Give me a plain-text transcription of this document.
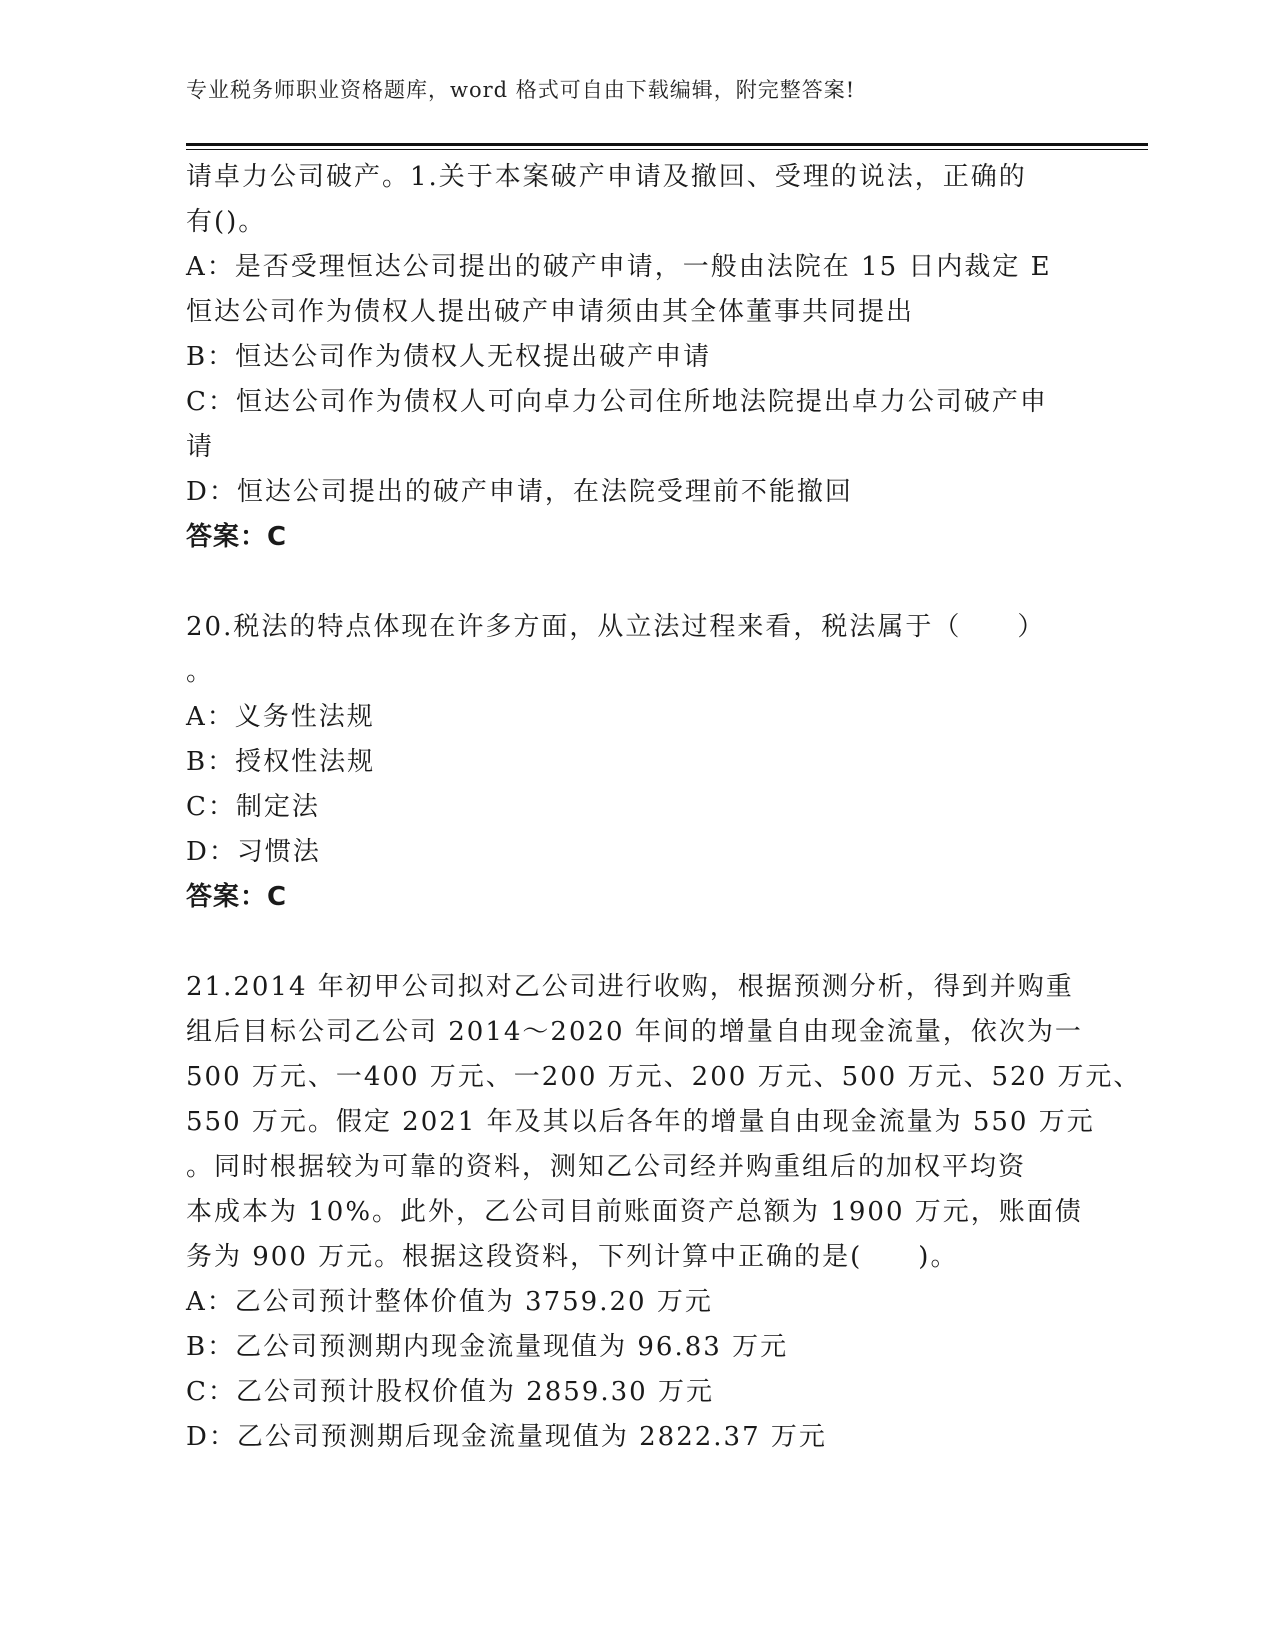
专业税务师职业资格题库，word 格式可自由下载编辑，附完整答案!
请卓力公司破产。1.关于本案破产申请及撤回、受理的说法，正确的
有()。
A：是否受理恒达公司提出的破产申请，一般由法院在 15 日内裁定 E
恒达公司作为债权人提出破产申请须由其全体董事共同提出
B：恒达公司作为债权人无权提出破产申请
C：恒达公司作为债权人可向卓力公司住所地法院提出卓力公司破产申
请
D：恒达公司提出的破产申请，在法院受理前不能撤回
答案：C
20.税法的特点体现在许多方面，从立法过程来看，税法属于（　　）
。
A：义务性法规
B：授权性法规
C：制定法
D：习惯法
答案：C
21.2014 年初甲公司拟对乙公司进行收购，根据预测分析，得到并购重
组后目标公司乙公司 2014～2020 年间的增量自由现金流量，依次为一
500 万元、一400 万元、一200 万元、200 万元、500 万元、520 万元、
550 万元。假定 2021 年及其以后各年的增量自由现金流量为 550 万元
。同时根据较为可靠的资料，测知乙公司经并购重组后的加权平均资
本成本为 10%。此外，乙公司目前账面资产总额为 1900 万元，账面债
务为 900 万元。根据这段资料，下列计算中正确的是(　　)。
A：乙公司预计整体价值为 3759.20 万元
B：乙公司预测期内现金流量现值为 96.83 万元
C：乙公司预计股权价值为 2859.30 万元
D：乙公司预测期后现金流量现值为 2822.37 万元
